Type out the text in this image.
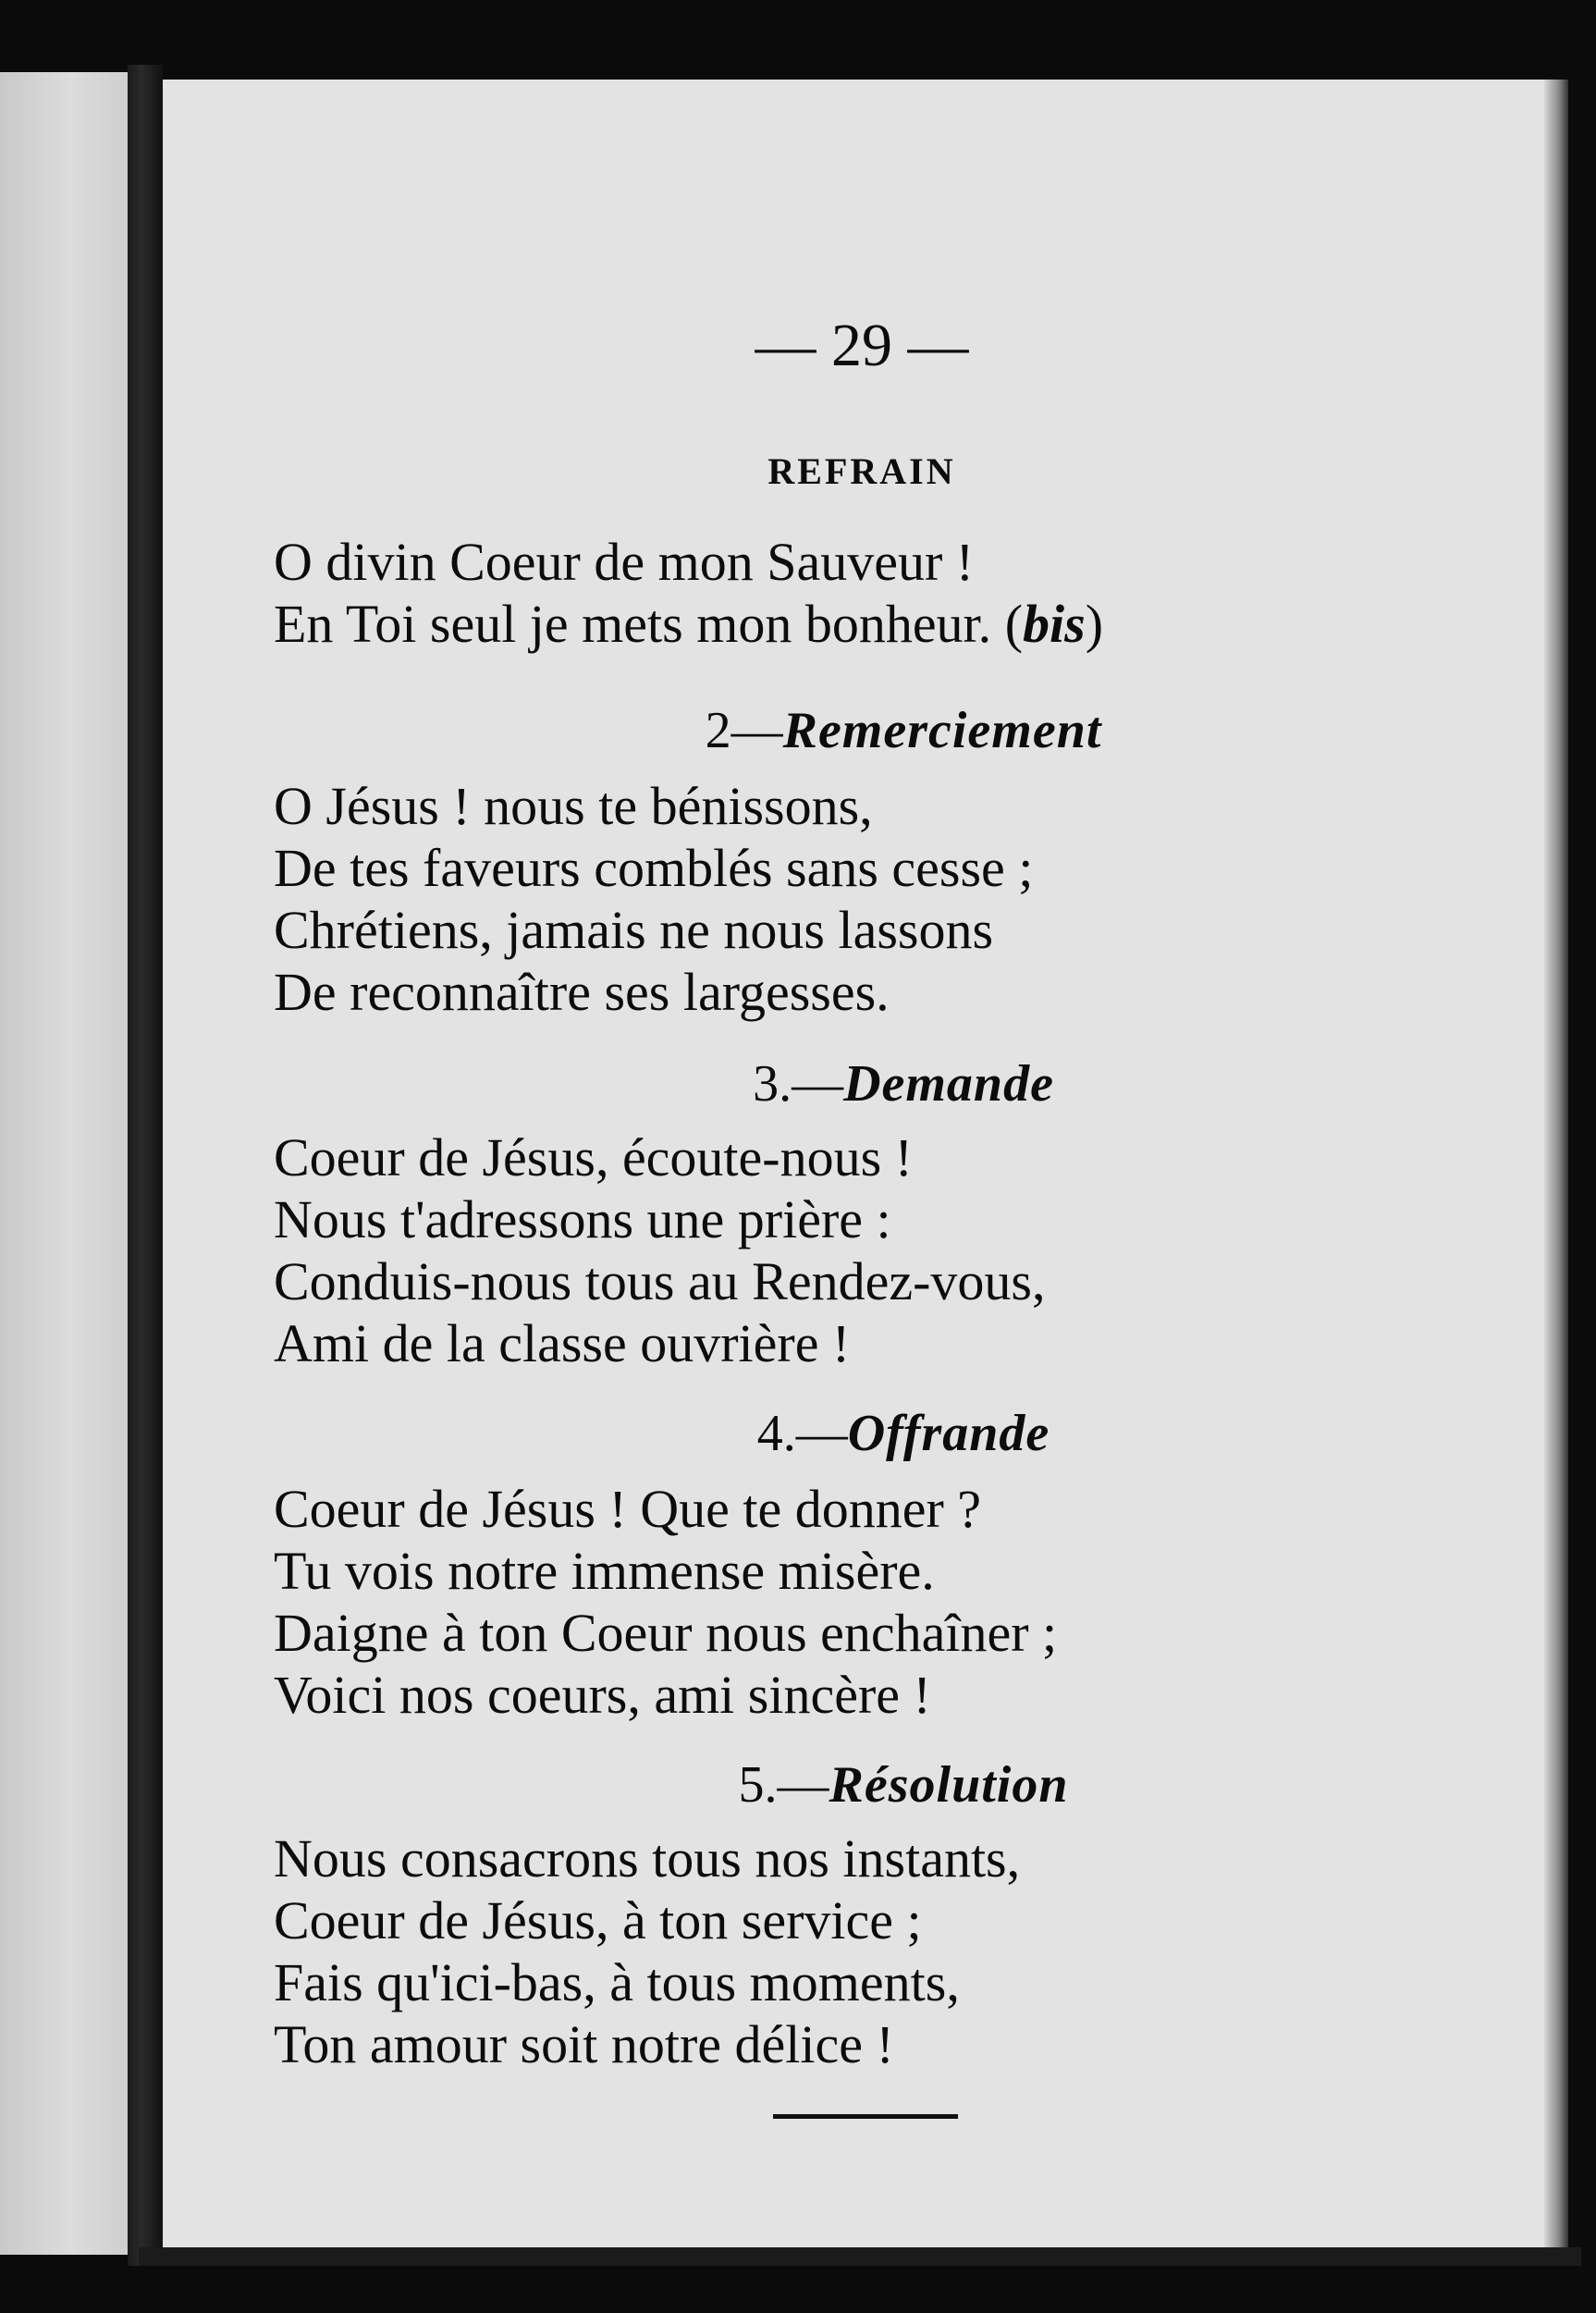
— 29 —
REFRAIN
O divin Coeur de mon Sauveur !
En Toi seul je mets mon bonheur. (bis)
2—Remerciement
O Jésus ! nous te bénissons,
De tes faveurs comblés sans cesse ;
Chrétiens, jamais ne nous lassons
De reconnaître ses largesses.
3.—Demande
Coeur de Jésus, écoute-nous !
Nous t'adressons une prière :
Conduis-nous tous au Rendez-vous,
Ami de la classe ouvrière !
4.—Offrande
Coeur de Jésus ! Que te donner ?
Tu vois notre immense misère.
Daigne à ton Coeur nous enchaîner ;
Voici nos coeurs, ami sincère !
5.—Résolution
Nous consacrons tous nos instants,
Coeur de Jésus, à ton service ;
Fais qu'ici-bas, à tous moments,
Ton amour soit notre délice !
